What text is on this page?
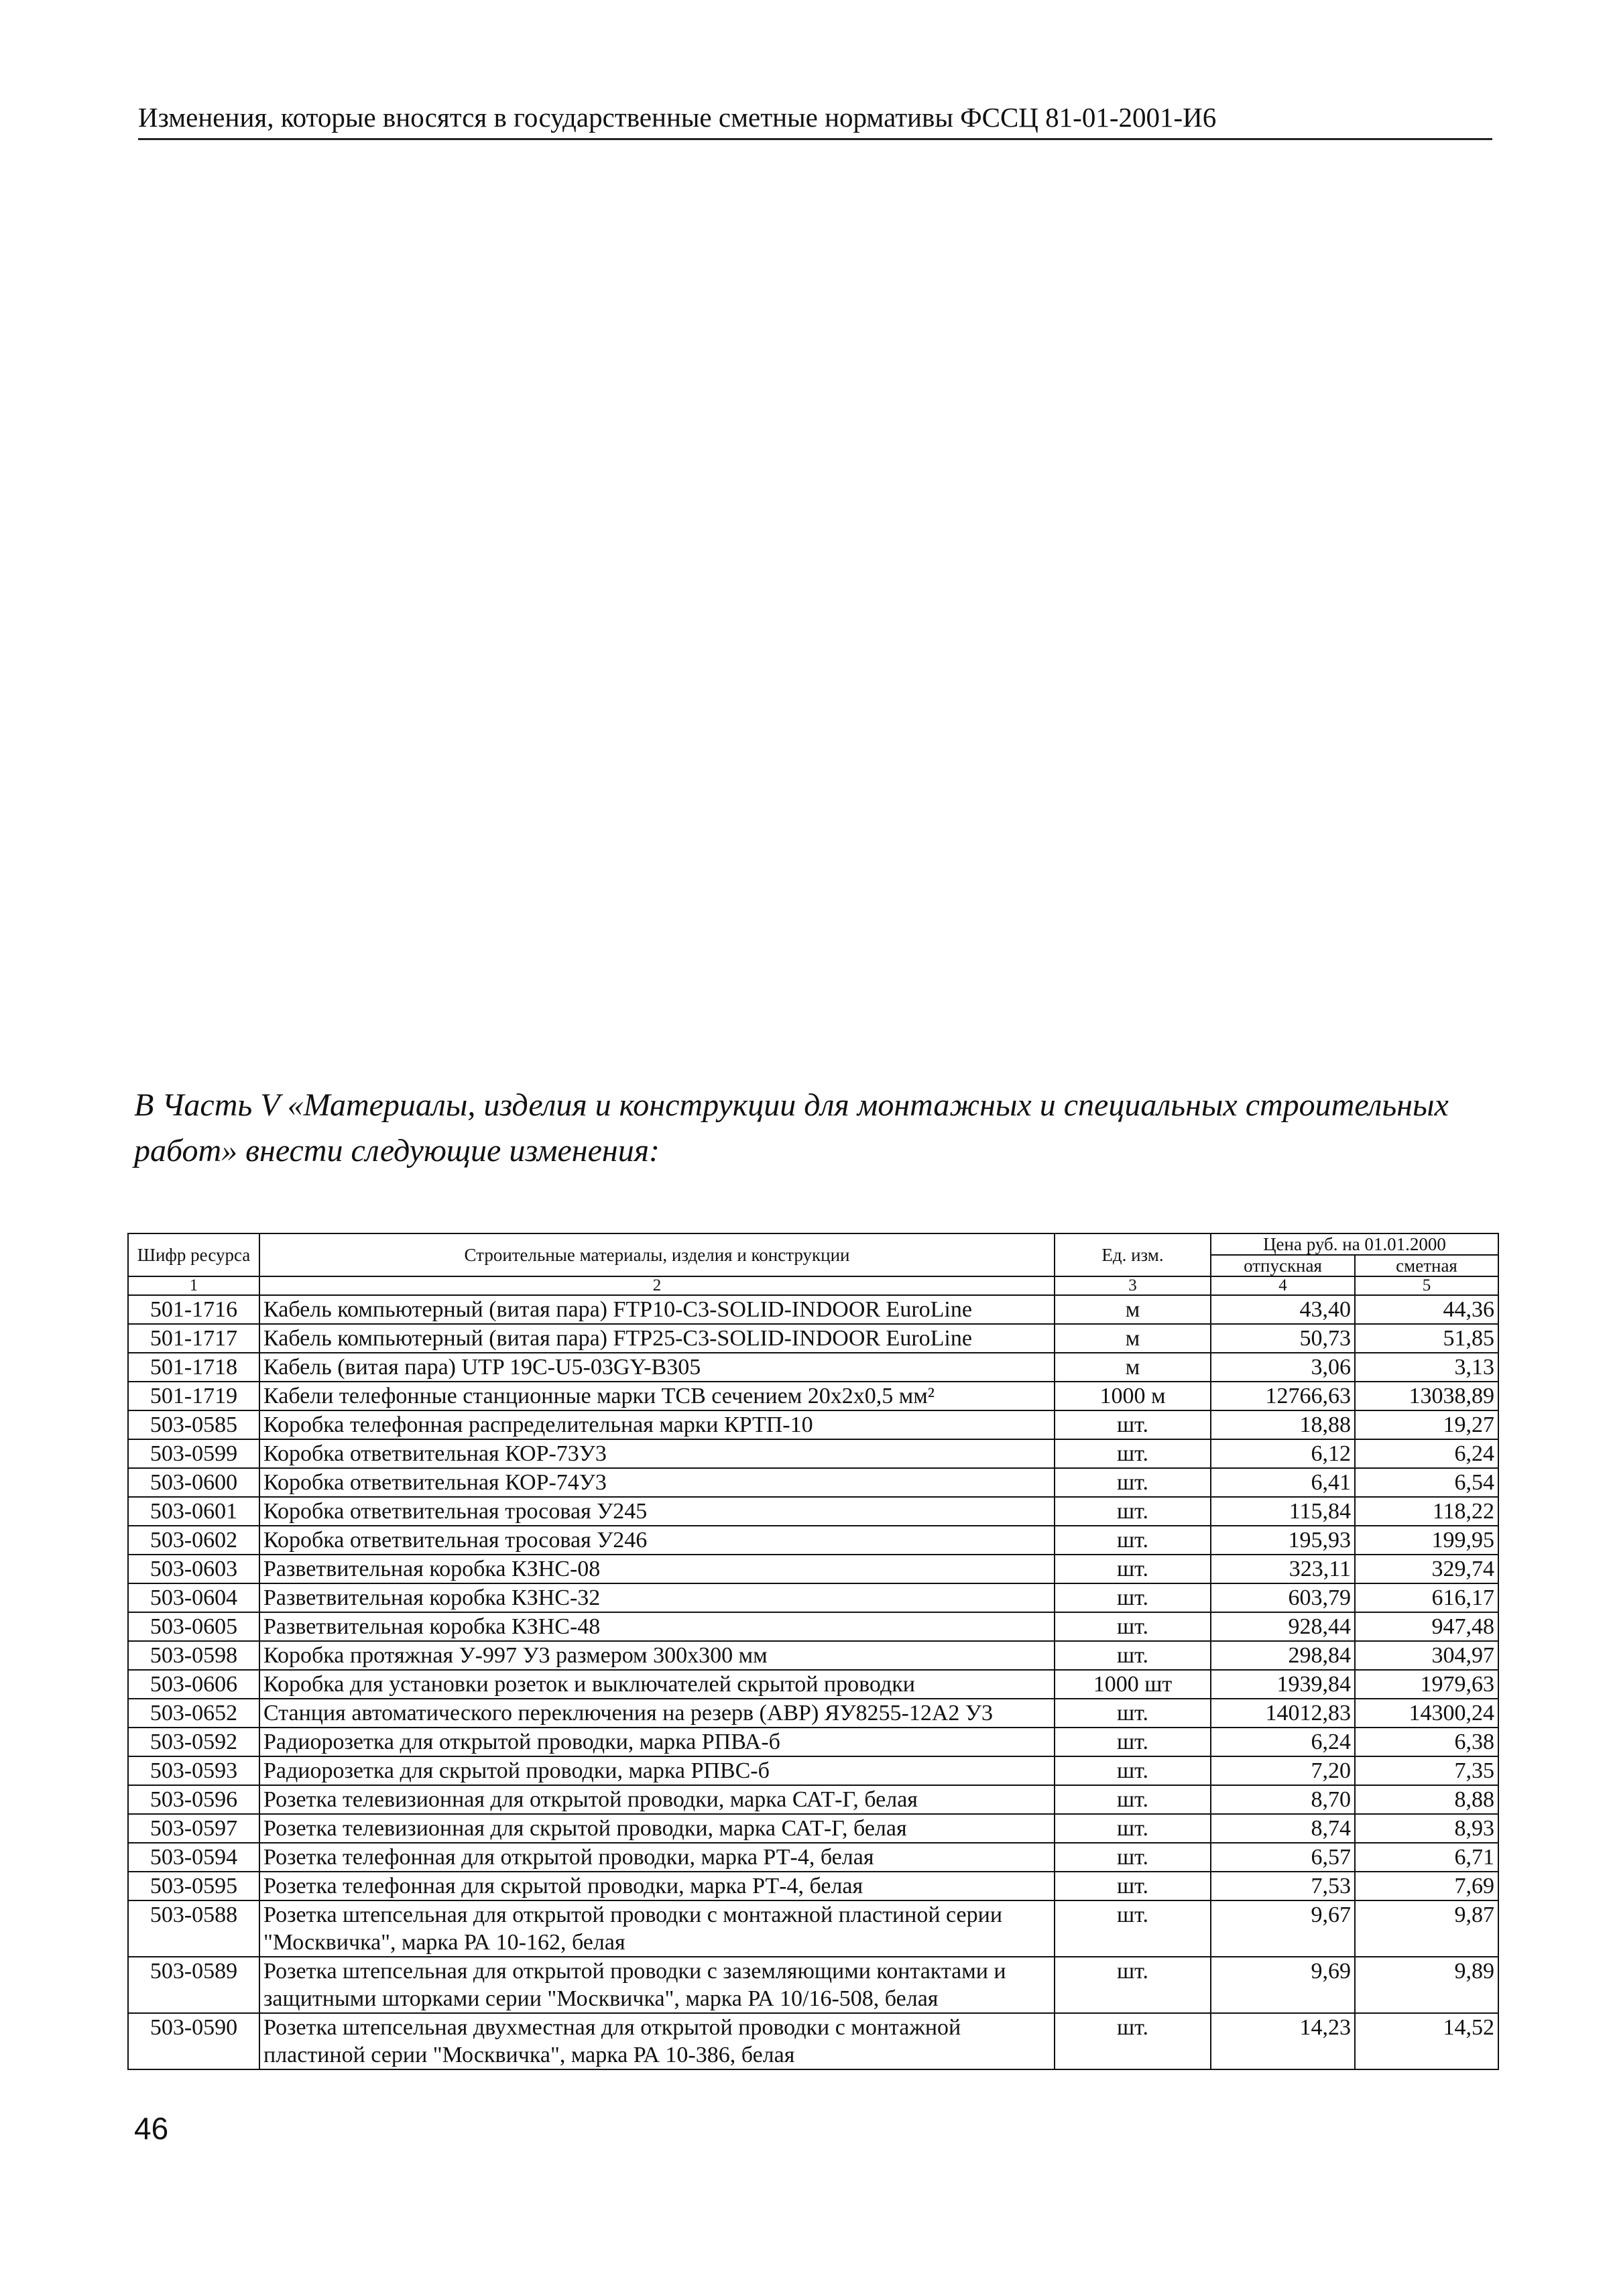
Изменения, которые вносятся в государственные сметные нормативы ФССЦ 81-01-2001-И6
В Часть V «Материалы, изделия и конструкции для монтажных и специальных строительных работ» внести следующие изменения:
Шифр ресурса	Строительные материалы, изделия и конструкции	Ед. изм.	Цена руб. на 01.01.2000	
			отпускная	сметная
1	2	3	4	5
501-1716	Кабель компьютерный (витая пара) FTP10-C3-SOLID-INDOOR EuroLine	м	43,40	44,36
501-1717	Кабель компьютерный (витая пара) FTP25-C3-SOLID-INDOOR EuroLine	м	50,73	51,85
501-1718	Кабель (витая пара) UTP 19C-U5-03GY-B305	м	3,06	3,13
501-1719	Кабели телефонные станционные марки ТСВ сечением 20x2x0,5 мм²	1000 м	12766,63	13038,89
503-0585	Коробка телефонная распределительная марки КРТП-10	шт.	18,88	19,27
503-0599	Коробка ответвительная КОР-73У3	шт.	6,12	6,24
503-0600	Коробка ответвительная КОР-74У3	шт.	6,41	6,54
503-0601	Коробка ответвительная тросовая У245	шт.	115,84	118,22
503-0602	Коробка ответвительная тросовая У246	шт.	195,93	199,95
503-0603	Разветвительная коробка КЗНС-08	шт.	323,11	329,74
503-0604	Разветвительная коробка КЗНС-32	шт.	603,79	616,17
503-0605	Разветвительная коробка КЗНС-48	шт.	928,44	947,48
503-0598	Коробка протяжная У-997 У3 размером 300x300 мм	шт.	298,84	304,97
503-0606	Коробка для установки розеток и выключателей скрытой проводки	1000 шт	1939,84	1979,63
503-0652	Станция автоматического переключения на резерв (АВР) ЯУ8255-12А2 У3	шт.	14012,83	14300,24
503-0592	Радиорозетка для открытой проводки, марка РПВА-б	шт.	6,24	6,38
503-0593	Радиорозетка для скрытой проводки, марка РПВС-б	шт.	7,20	7,35
503-0596	Розетка телевизионная для открытой проводки, марка САТ-Г, белая	шт.	8,70	8,88
503-0597	Розетка телевизионная для скрытой проводки, марка САТ-Г, белая	шт.	8,74	8,93
503-0594	Розетка телефонная для открытой проводки, марка РТ-4, белая	шт.	6,57	6,71
503-0595	Розетка телефонная для скрытой проводки, марка РТ-4, белая	шт.	7,53	7,69
503-0588	Розетка штепсельная для открытой проводки с монтажной пластиной серии "Москвичка", марка РА 10-162, белая	шт.	9,67	9,87
503-0589	Розетка штепсельная для открытой проводки с заземляющими контактами и защитными шторками серии "Москвичка", марка РА 10/16-508, белая	шт.	9,69	9,89
503-0590	Розетка штепсельная двухместная для открытой проводки с монтажной пластиной серии "Москвичка", марка РА 10-386, белая	шт.	14,23	14,52
46
